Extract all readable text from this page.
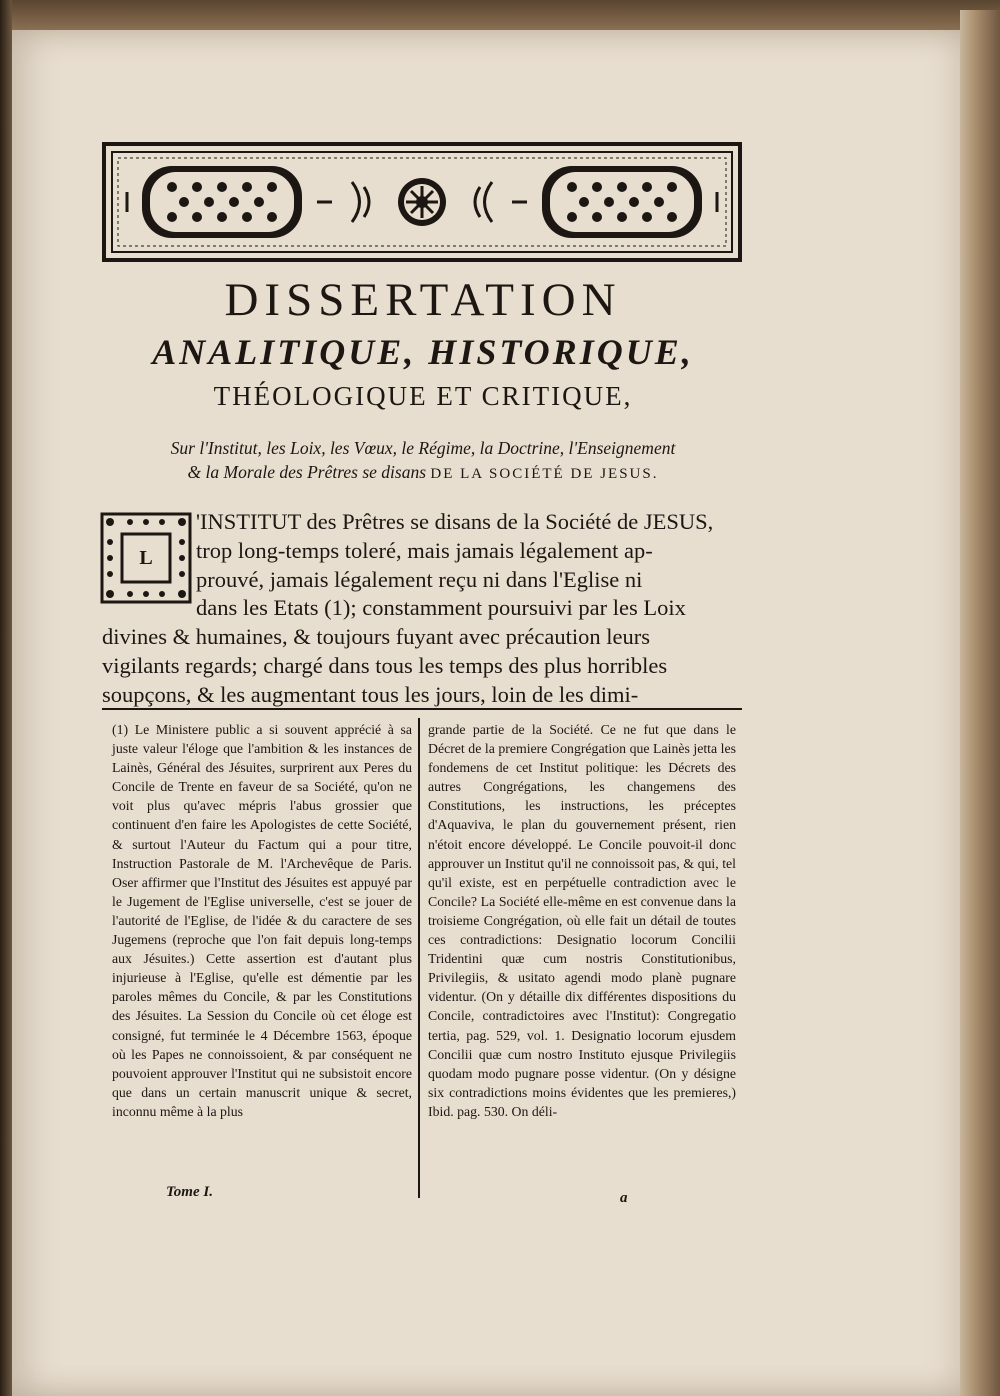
DISSERTATION
ANALITIQUE, HISTORIQUE,
THÉOLOGIQUE ET CRITIQUE,
Sur l'Institut, les Loix, les Vœux, le Régime, la Doctrine, l'Enseignement
& la Morale des Prêtres se disans DE LA SOCIÉTÉ DE JESUS.
L
'INSTITUT des Prêtres se disans de la Société de JESUS,
trop long-temps toleré, mais jamais légalement ap-
prouvé, jamais légalement reçu ni dans l'Eglise ni
dans les Etats (1); constamment poursuivi par les Loix
divines & humaines, & toujours fuyant avec précaution leurs
vigilants regards; chargé dans tous les temps des plus horribles
soupçons, & les augmentant tous les jours, loin de les dimi-
(1) Le Ministere public a si souvent apprécié à sa juste valeur l'éloge que l'ambition & les instances de Lainès, Général des Jésuites, surprirent aux Peres du Concile de Trente en faveur de sa Société, qu'on ne voit plus qu'avec mépris l'abus grossier que continuent d'en faire les Apologistes de cette Société, & surtout l'Auteur du Factum qui a pour titre, Instruction Pastorale de M. l'Archevêque de Paris. Oser affirmer que l'Institut des Jésuites est appuyé par le Jugement de l'Eglise universelle, c'est se jouer de l'autorité de l'Eglise, de l'idée & du caractere de ses Jugemens (reproche que l'on fait depuis long-temps aux Jésuites.) Cette assertion est d'autant plus injurieuse à l'Eglise, qu'elle est démentie par les paroles mêmes du Concile, & par les Constitutions des Jésuites. La Session du Concile où cet éloge est consigné, fut terminée le 4 Décembre 1563, époque où les Papes ne connoissoient, & par conséquent ne pouvoient approuver l'Institut qui ne subsistoit encore que dans un certain manuscrit unique & secret, inconnu même à la plus
grande partie de la Société. Ce ne fut que dans le Décret de la premiere Congrégation que Lainès jetta les fondemens de cet Institut politique: les Décrets des autres Congrégations, les changemens des Constitutions, les instructions, les préceptes d'Aquaviva, le plan du gouvernement présent, rien n'étoit encore développé. Le Concile pouvoit-il donc approuver un Institut qu'il ne connoissoit pas, & qui, tel qu'il existe, est en perpétuelle contradiction avec le Concile? La Société elle-même en est convenue dans la troisieme Congrégation, où elle fait un détail de toutes ces contradictions: Designatio locorum Concilii Tridentini quæ cum nostris Constitutionibus, Privilegiis, & usitato agendi modo planè pugnare videntur. (On y détaille dix différentes dispositions du Concile, contradictoires avec l'Institut): Congregatio tertia, pag. 529, vol. 1. Designatio locorum ejusdem Concilii quæ cum nostro Instituto ejusque Privilegiis quodam modo pugnare posse videntur. (On y désigne six contradictions moins évidentes que les premieres,) Ibid. pag. 530. On déli-
Tome I.	a
